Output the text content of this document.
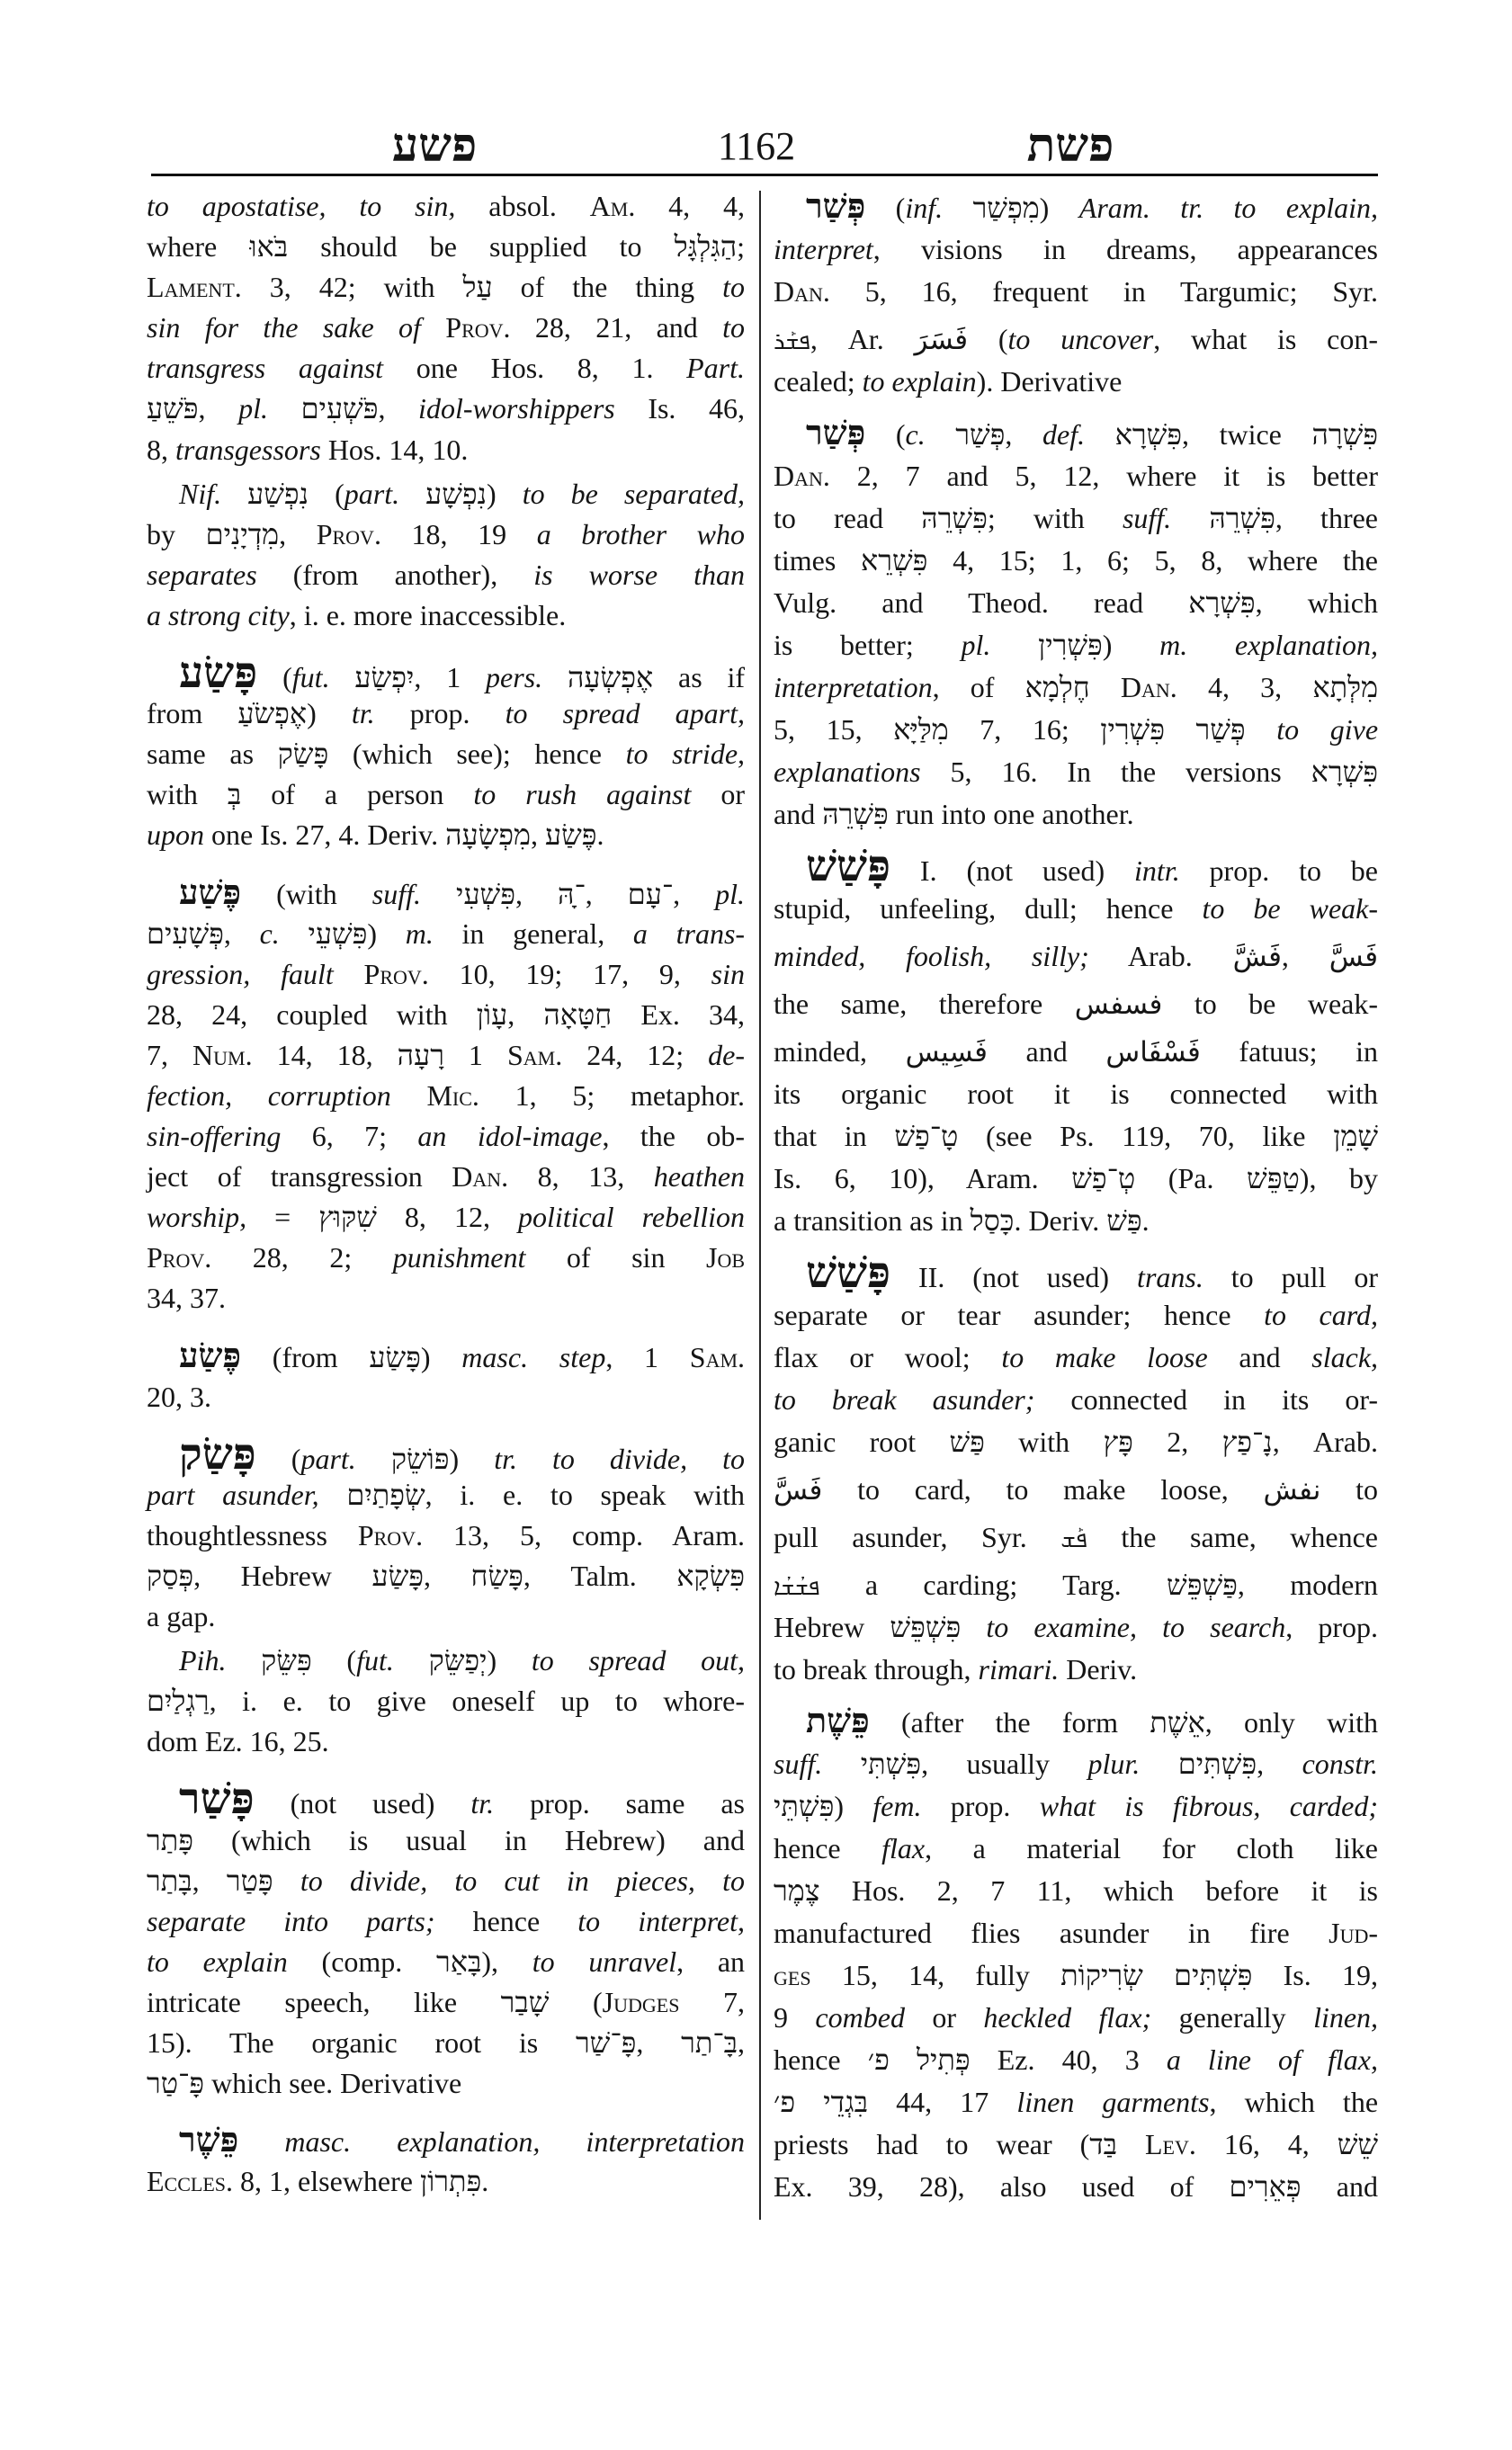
פשע	1162	פשת
to apostatise, to sin, absol. Am. 4, 4,
where בֹּאוּ should be supplied to הַגִּלְגָּל;
Lament. 3, 42; with עַל of the thing to
sin for the sake of Prov. 28, 21, and to
transgress against one Hos. 8, 1. Part.
פֹּשֵׁעַ, pl. פֹּשְׁעִים, idol-worshippers Is. 46,
8, transgessors Hos. 14, 10.
Nif. נִפְשַׁע (part. נִפְשָׁע) to be separated,
by מִדְיָנִים, Prov. 18, 19 a brother who
separates (from another), is worse than
a strong city, i. e. more inaccessible.
פָּשַׂע (fut. יִפְשַׂע, 1 pers. אֶפְשְׂעָה as if
from אֶפְשֹׂעַ) tr. prop. to spread apart,
same as פָּשַׂק (which see); hence to stride,
with בְּ of a person to rush against or
upon one Is. 27, 4. Deriv. מִפְשָׂעָה, פֶּשַׂע.
פֶּשַׁע (with suff. פִּשְׁעִי, ־ָהּ, ־עָם, pl.
פְּשָׁעִים, c. פִּשְׁעֵי) m. in general, a trans-
gression, fault Prov. 10, 19; 17, 9, sin
28, 24, coupled with עָוֹן, חַטָּאָה Ex. 34,
7, Num. 14, 18, רָעָה 1 Sam. 24, 12; de-
fection, corruption Mic. 1, 5; metaphor.
sin-offering 6, 7; an idol-image, the ob-
ject of transgression Dan. 8, 13, heathen
worship, = שִׁקּוּץ 8, 12, political rebellion
Prov. 28, 2; punishment of sin Job
34, 37.
פֶּשַׂע (from פָּשַׂע) masc. step, 1 Sam.
20, 3.
פָּשַׂק (part. פּוֹשֵׂק) tr. to divide, to
part asunder, שְׂפָתַיִם, i. e. to speak with
thoughtlessness Prov. 13, 5, comp. Aram.
פְּסַק, Hebrew פָּשַׂע, פָּשַׂח, Talm. פִּשְׂקָא
a gap.
Pih. פִּשֵּׂק (fut. יְפַשֵּׂק) to spread out,
רַגְלַיִם, i. e. to give oneself up to whore-
dom Ez. 16, 25.
פָּשַׁר (not used) tr. prop. same as
פָּתַר (which is usual in Hebrew) and
בָּתַר, פָּטַר to divide, to cut in pieces, to
separate into parts; hence to interpret,
to explain (comp. בָּאַר), to unravel, an
intricate speech, like שָׁבַר (Judges 7,
15). The organic root is פָּ־שַׁר, בָּ־תַר,
פָּ־טַר which see. Derivative
פֵּשֶׁר masc. explanation, interpretation
Eccles. 8, 1, elsewhere פִּתְרוֹן.
פְּשַׁר (inf. מִפְשַׁר) Aram. tr. to explain,
interpret, visions in dreams, appearances
Dan. 5, 16, frequent in Targumic; Syr.
ܦܫܰܪ, Ar. فَسَرَ (to uncover, what is con-
cealed; to explain). Derivative
פְּשַׁר (c. פְּשַׁר, def. פִּשְׁרָא, twice פִּשְׁרָה
Dan. 2, 7 and 5, 12, where it is better
to read פִּשְׁרֵהּ; with suff. פִּשְׁרֵהּ, three
times פִּשְׁרֵא 4, 15; 1, 6; 5, 8, where the
Vulg. and Theod. read פִּשְׁרָא, which
is better; pl. פִּשְׁרִין) m. explanation,
interpretation, of חֶלְמָא Dan. 4, 3, מִלְּתָא
5, 15, מִלַּיָּא 7, 16; פְּשַׁר פִּשְׁרִין to give
explanations 5, 16. In the versions פִּשְׁרָא
and פִּשְׁרֵהּ run into one another.
פָּשַׁשׁ I. (not used) intr. prop. to be
stupid, unfeeling, dull; hence to be weak-
minded, foolish, silly; Arab. فَشَّ, فَسَّ
the same, therefore فسفس to be weak-
minded, فَسِيس and فَسْفَاس fatuus; in
its organic root it is connected with
that in טָ־פַשׁ (see Ps. 119, 70, like שָׁמֵן
Is. 6, 10), Aram. טְ־פַשׁ (Pa. טַפֵּשׁ), by
a transition as in כָּסַל. Deriv. פַּשׁ.
פָּשַׁשׁ II. (not used) trans. to pull or
separate or tear asunder; hence to card,
flax or wool; to make loose and slack,
to break asunder; connected in its or-
ganic root פַּשׁ with פָּץ 2, נָ־פַץ, Arab.
فَسَّ to card, to make loose, نفش to
pull asunder, Syr. ܦܰܫ the same, whence
ܦܫܳܫܳܐ a carding; Targ. פַּשְׁפֵּשׁ, modern
Hebrew פִּשְׁפֵּשׁ to examine, to search, prop.
to break through, rimari. Deriv.
פֵּשֶׁת (after the form אֵשֶׁת, only with
suff. פִּשְׁתִּי, usually plur. פִּשְׁתִּים, constr.
פִּשְׁתֵּי) fem. prop. what is fibrous, carded;
hence flax, a material for cloth like
צֶמֶר Hos. 2, 7 11, which before it is
manufactured flies asunder in fire Jud-
ges 15, 14, fully פִּשְׁתִּים שְׂרִיקוֹת Is. 19,
9 combed or heckled flax; generally linen,
hence פְּתִיל פ׳ Ez. 40, 3 a line of flax,
בִּגְדֵי פ׳ 44, 17 linen garments, which the
priests had to wear (בַּד Lev. 16, 4, שֵׁשׁ
Ex. 39, 28), also used of פְּאֵרִים and
